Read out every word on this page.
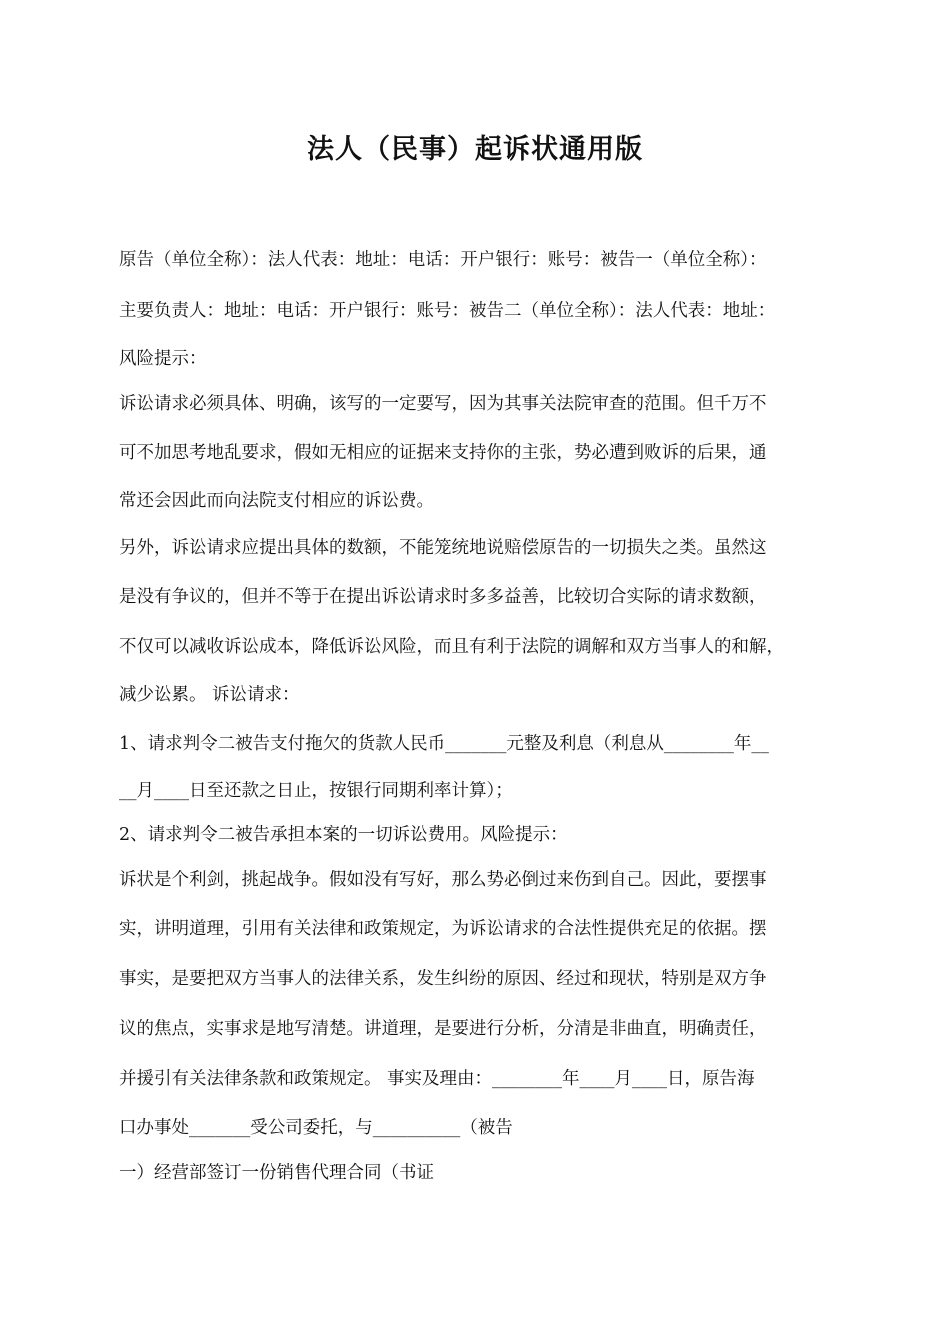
法人（民事）起诉状通用版
原告（单位全称）：法人代表：地址：电话：开户银行：账号：被告一（单位全称）：
主要负责人：地址：电话：开户银行：账号：被告二（单位全称）：法人代表：地址：
风险提示：
诉讼请求必须具体、明确，该写的一定要写，因为其事关法院审查的范围。但千万不
可不加思考地乱要求，假如无相应的证据来支持你的主张，势必遭到败诉的后果，通
常还会因此而向法院支付相应的诉讼费。
另外，诉讼请求应提出具体的数额，不能笼统地说赔偿原告的一切损失之类。虽然这
是没有争议的，但并不等于在提出诉讼请求时多多益善，比较切合实际的请求数额，
不仅可以减收诉讼成本，降低诉讼风险，而且有利于法院的调解和双方当事人的和解，
减少讼累。 诉讼请求：
1、请求判令二被告支付拖欠的货款人民币_______元整及利息（利息从________年__
__月____日至还款之日止，按银行同期利率计算）；
2、请求判令二被告承担本案的一切诉讼费用。风险提示：
诉状是个利剑，挑起战争。假如没有写好，那么势必倒过来伤到自己。因此，要摆事
实，讲明道理，引用有关法律和政策规定，为诉讼请求的合法性提供充足的依据。摆
事实，是要把双方当事人的法律关系，发生纠纷的原因、经过和现状，特别是双方争
议的焦点，实事求是地写清楚。讲道理，是要进行分析，分清是非曲直，明确责任，
并援引有关法律条款和政策规定。 事实及理由：________年____月____日，原告海
口办事处_______受公司委托，与__________（被告
一）经营部签订一份销售代理合同（书证
